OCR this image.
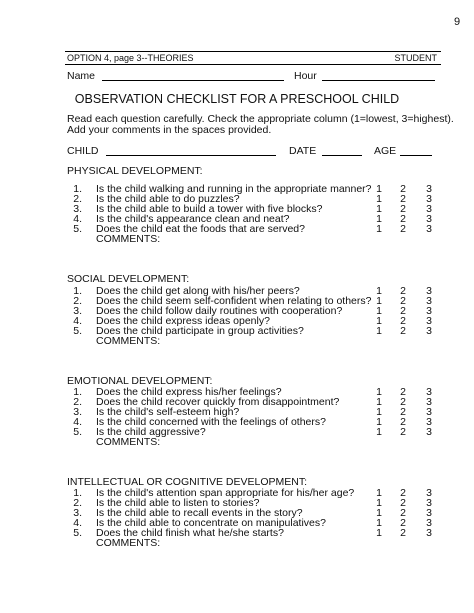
9
OPTION 4, page 3--THEORIES	STUDENT
Name	Hour
OBSERVATION CHECKLIST FOR A PRESCHOOL CHILD
Read each question carefully. Check the appropriate column (1=lowest, 3=highest).
Add your comments in the spaces provided.
CHILD	DATE	AGE
PHYSICAL DEVELOPMENT:
1. Is the child walking and running in the appropriate manner? 1 2 3
2. Is the child able to do puzzles?	1 2 3
3. Is the child able to build a tower with five blocks?	1 2 3
4. Is the child's appearance clean and neat?	1 2 3
5. Does the child eat the foods that are served?	1 2 3
COMMENTS:
SOCIAL DEVELOPMENT:
1. Does the child get along with his/her peers?	1 2 3
2. Does the child seem self-confident when relating to others? 1 2 3
3. Does the child follow daily routines with cooperation?	1 2 3
4. Does the child express ideas openly?	1 2 3
5. Does the child participate in group activities?	1 2 3
COMMENTS:
EMOTIONAL DEVELOPMENT:
1. Does the child express his/her feelings?	1 2 3
2. Does the child recover quickly from disappointment?	1 2 3
3. Is the child's self-esteem high?	1 2 3
4. Is the child concerned with the feelings of others?	1 2 3
5. Is the child aggressive?	1 2 3
COMMENTS:
INTELLECTUAL OR COGNITIVE DEVELOPMENT:
1. Is the child's attention span appropriate for his/her age? 1 2 3
2. Is the child able to listen to stories?	1 2 3
3. Is the child able to recall events in the story?	1 2 3
4. Is the child able to concentrate on manipulatives?	1 2 3
5. Does the child finish what he/she starts?	1 2 3
COMMENTS:
